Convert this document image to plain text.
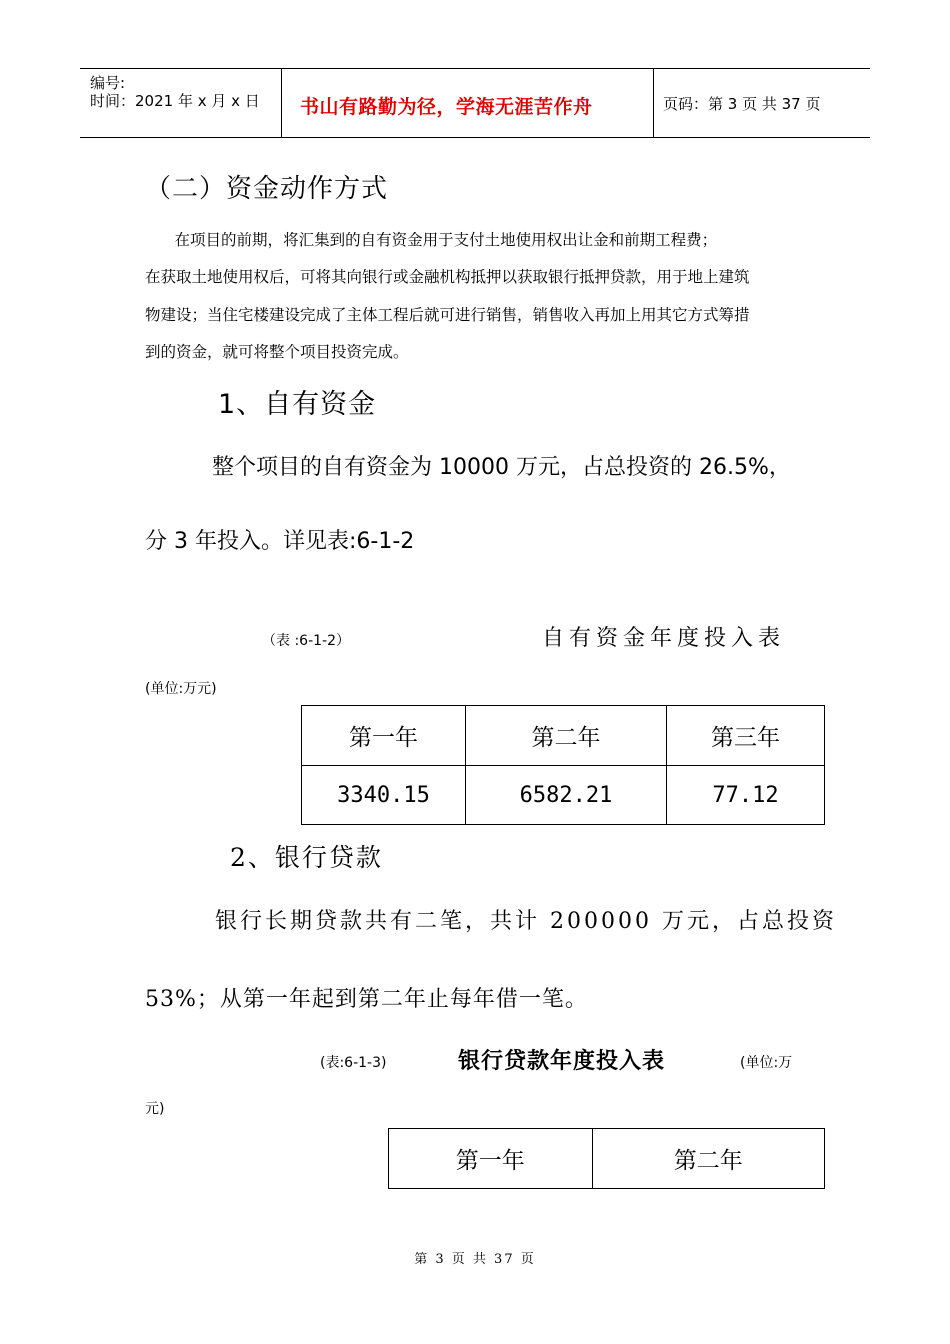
编号:
时间：2021 年 x 月 x 日 书山有路勤为径，学海无涯苦作舟	页码：第 3 页 共 37 页
（二）资金动作方式
在项目的前期，将汇集到的自有资金用于支付土地使用权出让金和前期工程费；
在获取土地使用权后，可将其向银行或金融机构抵押以获取银行抵押贷款，用于地上建筑
物建设；当住宅楼建设完成了主体工程后就可进行销售，销售收入再加上用其它方式筹措
到的资金，就可将整个项目投资完成。
1、自有资金
整个项目的自有资金为 10000 万元，占总投资的 26.5%，
分 3 年投入。详见表:6-1-2
（表 :6-1-2）	自有资金年度投入表
(单位:万元)
第一年	第二年	第三年
3340.15	6582.21	77.12
2、银行贷款
银行长期贷款共有二笔，共计 200000 万元，占总投资
53%；从第一年起到第二年止每年借一笔。
(表:6-1-3)	银行贷款年度投入表	(单位:万
元)
第一年	第二年
第 3 页 共 37 页
